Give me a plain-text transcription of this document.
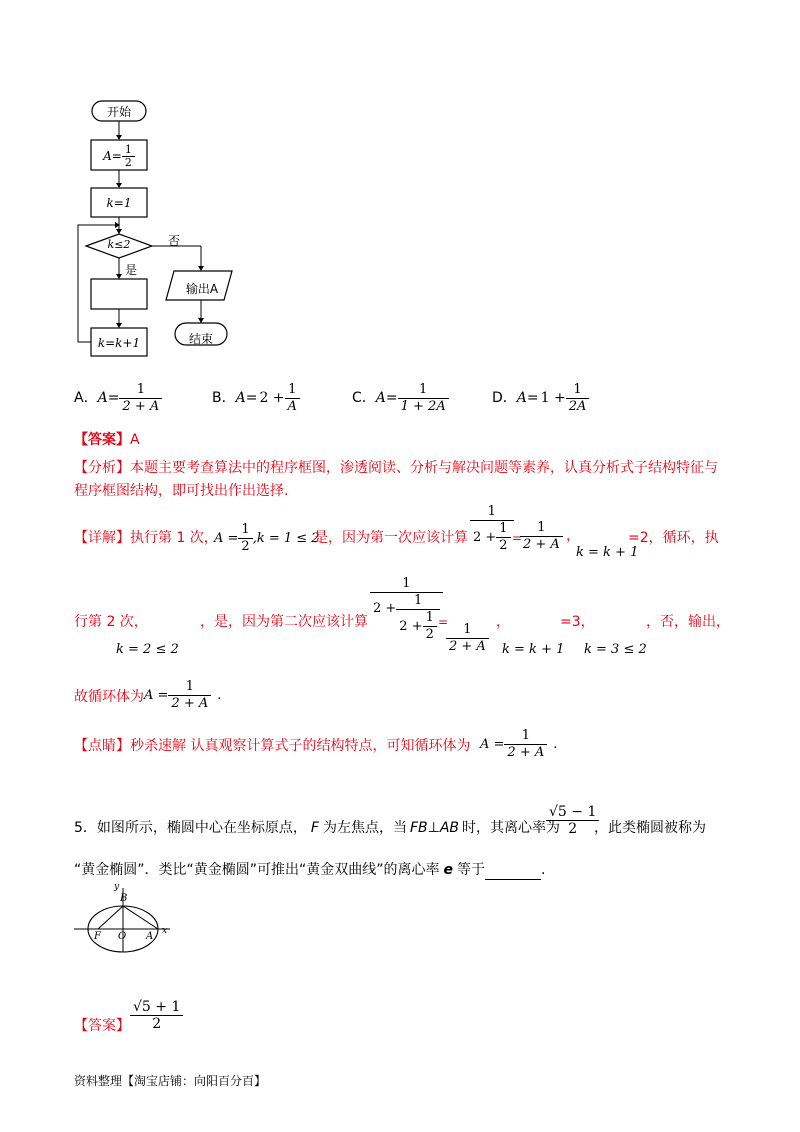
开始
$A= \frac{1}{2}$
k=1
k≤2	否
是
输出A
结束
k=k+1
A． $A= \frac{1}{2 + A}$	B． $A= 2 + \frac{1}{A}$	C． $A= \frac{1}{1 + 2A}$	D． $A= 1 + \frac{1}{2A}$
【答案】A
【分析】本题主要考查算法中的程序框图，渗透阅读、分析与解决问题等素养，认真分析式子结构特征与
程序框图结构，即可找出作出选择.
【详解】执行第 1 次，
$A = \frac{1}{2} ,k = 1 \le 2$
是，因为第一次应该计算 $\frac{1}{2 + \frac{1}{2}}$
=
$\frac{1}{2 + A}$ ，	=2，循环，执
k = k + 1
行第 2 次，	，是，因为第二次应该计算
1
$2 + \frac{1}{2 + \frac{1}{2}}$
=
$\frac{1}{2 + A}$ ，	=3，	，否，输出，
k = 2 ≤ 2	k = k + 1 k = 3 ≤ 2
故循环体为 $A = \frac{1}{2 + A}$ .
【点睛】秒杀速解 认真观察计算式子的结构特点，可知循环体为 $A = \frac{1}{2 + A}$ .
5．如图所示，椭圆中心在坐标原点， F 为左焦点，当 FB⊥AB 时，其离心率为
$\frac{√5 - 1}{2}$
，此类椭圆被称为
“黄金椭圆”．类比“黄金椭圆”可推出“黄金双曲线”的离心率 e 等于	.
y
x
B
F O A
【答案】 $\frac{√5 + 1}{2}$
资料整理【淘宝店铺：向阳百分百】
